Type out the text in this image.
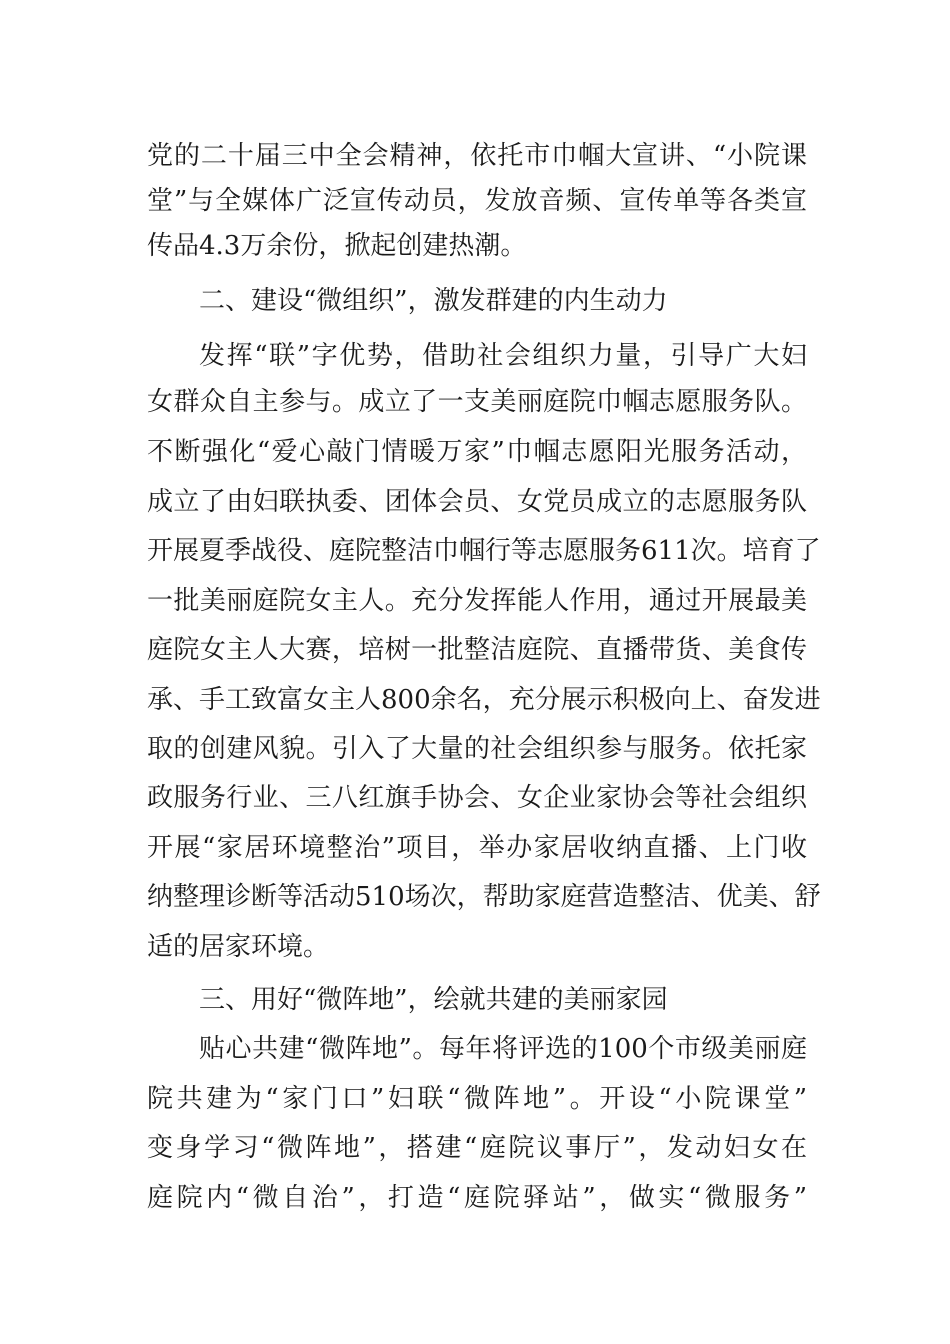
党的二十届三中全会精神，依托市巾帼大宣讲、“小院课
堂”与全媒体广泛宣传动员，发放音频、宣传单等各类宣
传品4.3万余份，掀起创建热潮。
二、建设“微组织”，激发群建的内生动力
发挥“联”字优势，借助社会组织力量，引导广大妇
女群众自主参与。成立了一支美丽庭院巾帼志愿服务队。
不断强化“爱心敲门情暖万家”巾帼志愿阳光服务活动，
成立了由妇联执委、团体会员、女党员成立的志愿服务队
开展夏季战役、庭院整洁巾帼行等志愿服务611次。培育了
一批美丽庭院女主人。充分发挥能人作用，通过开展最美
庭院女主人大赛，培树一批整洁庭院、直播带货、美食传
承、手工致富女主人800余名，充分展示积极向上、奋发进
取的创建风貌。引入了大量的社会组织参与服务。依托家
政服务行业、三八红旗手协会、女企业家协会等社会组织
开展“家居环境整治”项目，举办家居收纳直播、上门收
纳整理诊断等活动510场次，帮助家庭营造整洁、优美、舒
适的居家环境。
三、用好“微阵地”，绘就共建的美丽家园
贴心共建“微阵地”。每年将评选的100个市级美丽庭
院共建为“家门口”妇联“微阵地”。开设“小院课堂”
变身学习“微阵地”，搭建“庭院议事厅”，发动妇女在
庭院内“微自治”，打造“庭院驿站”，做实“微服务”
